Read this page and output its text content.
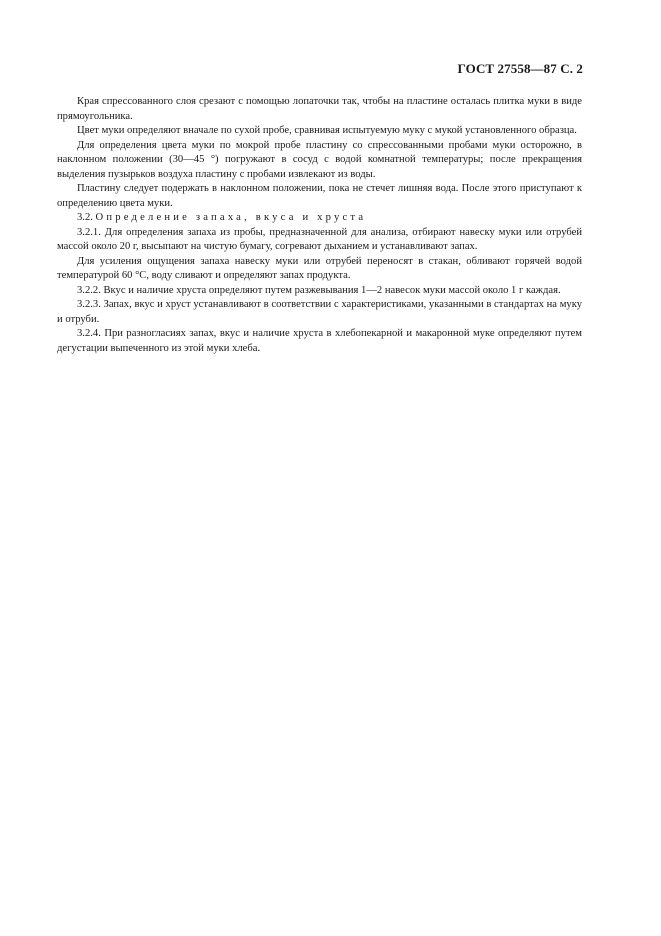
ГОСТ 27558—87 С. 2

Края спрессованного слоя срезают с помощью лопаточки так, чтобы на пластине осталась плитка муки в виде прямоугольника.

Цвет муки определяют вначале по сухой пробе, сравнивая испытуемую муку с мукой установленного образца.

Для определения цвета муки по мокрой пробе пластину со спрессованными пробами муки осторожно, в наклонном положении (30—45 °) погружают в сосуд с водой комнатной температуры; после прекращения выделения пузырьков воздуха пластину с пробами извлекают из воды.

Пластину следует подержать в наклонном положении, пока не стечет лишняя вода. После этого приступают к определению цвета муки.

3.2. Определение запаха, вкуса и хруста

3.2.1. Для определения запаха из пробы, предназначенной для анализа, отбирают навеску муки или отрубей массой около 20 г, высыпают на чистую бумагу, согревают дыханием и устанавливают запах.

Для усиления ощущения запаха навеску муки или отрубей переносят в стакан, обливают горячей водой температурой 60 °С, воду сливают и определяют запах продукта.

3.2.2. Вкус и наличие хруста определяют путем разжевывания 1—2 навесок муки массой около 1 г каждая.

3.2.3. Запах, вкус и хруст устанавливают в соответствии с характеристиками, указанными в стандартах на муку и отруби.

3.2.4. При разногласиях запах, вкус и наличие хруста в хлебопекарной и макаронной муке определяют путем дегустации выпеченного из этой муки хлеба.
